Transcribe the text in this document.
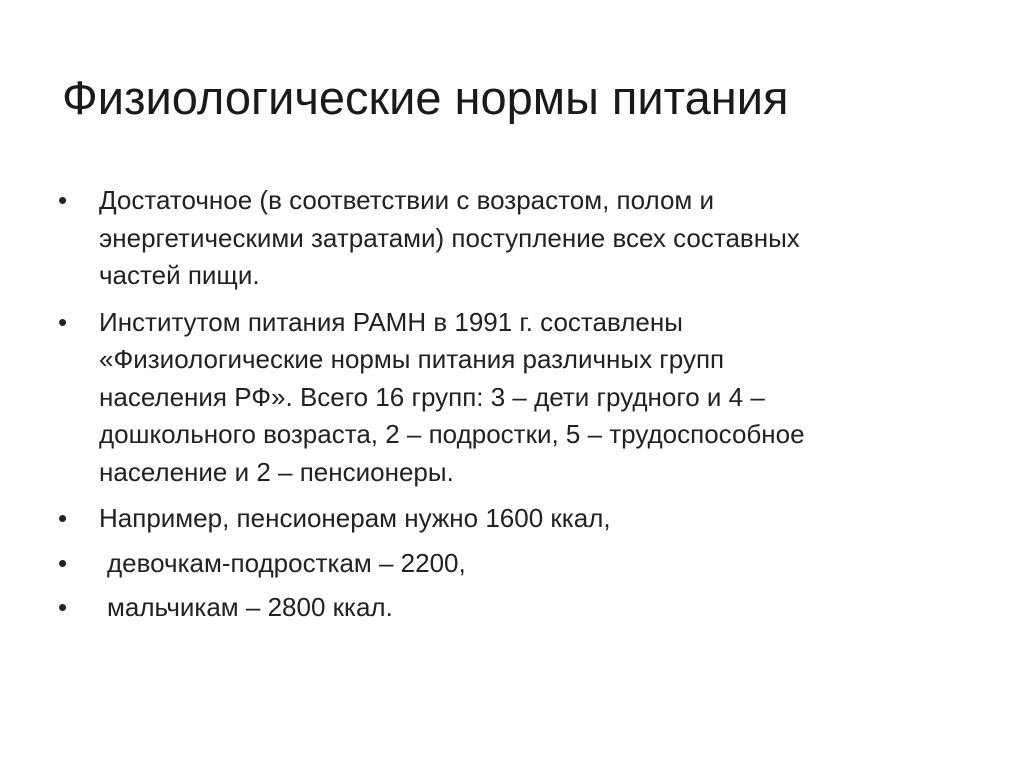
Физиологические нормы питания
•	Достаточное (в соответствии с возрастом, полом и
энергетическими затратами) поступление всех составных
частей пищи.
•	Институтом питания РАМН в 1991 г. составлены
«Физиологические нормы питания различных групп
населения РФ». Всего 16 групп: 3 – дети грудного и 4 –
дошкольного возраста, 2 – подростки, 5 – трудоспособное
население и 2 – пенсионеры.
•	Например, пенсионерам нужно 1600 ккал,
•	девочкам-подросткам – 2200,
•	мальчикам – 2800 ккал.
